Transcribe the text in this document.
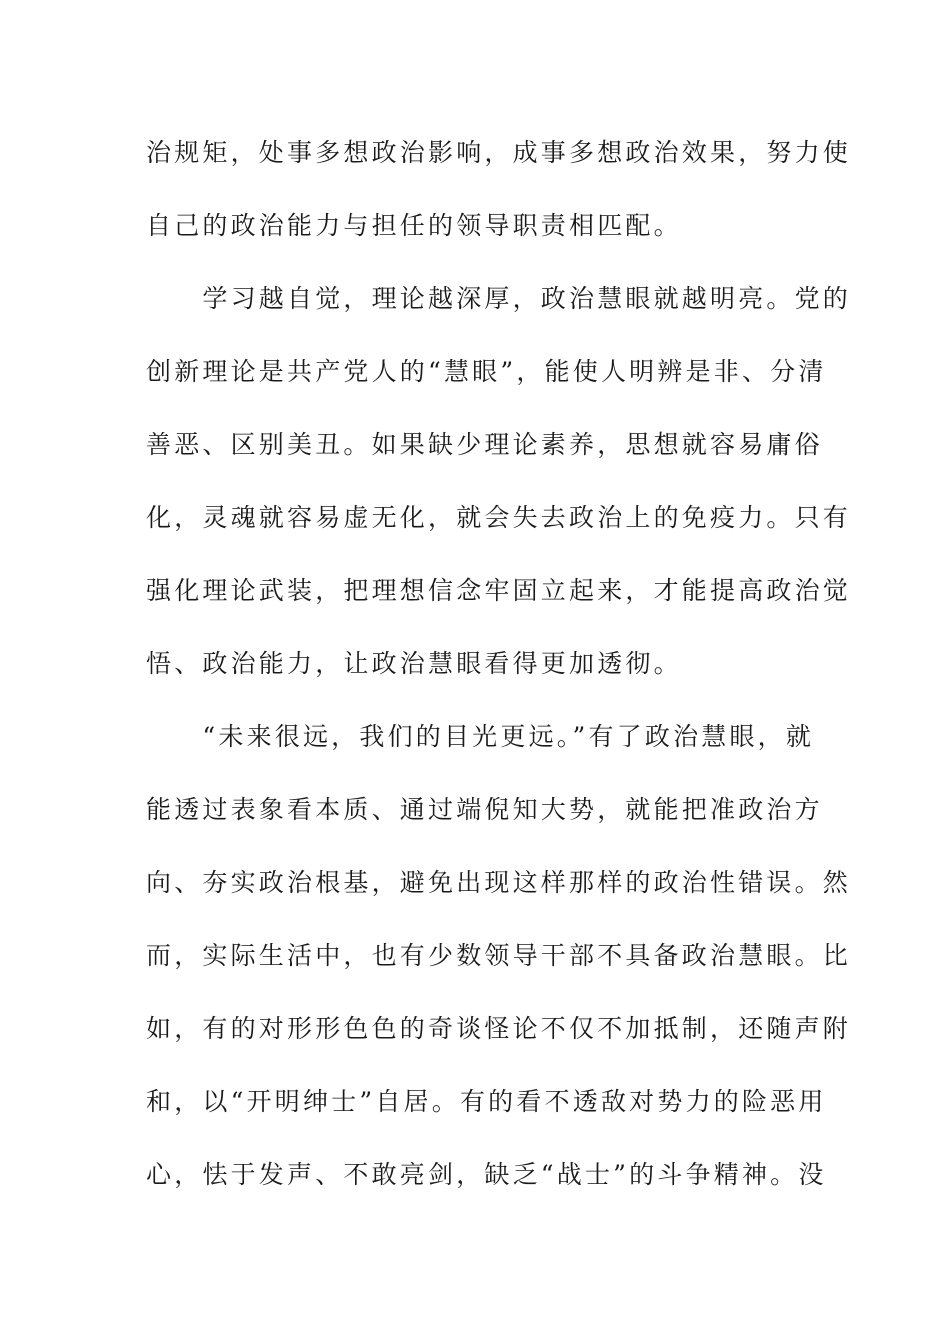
治规矩，处事多想政治影响，成事多想政治效果，努力使
自己的政治能力与担任的领导职责相匹配。
　　学习越自觉，理论越深厚，政治慧眼就越明亮。党的
创新理论是共产党人的“慧眼”，能使人明辨是非、分清
善恶、区别美丑。如果缺少理论素养，思想就容易庸俗
化，灵魂就容易虚无化，就会失去政治上的免疫力。只有
强化理论武装，把理想信念牢固立起来，才能提高政治觉
悟、政治能力，让政治慧眼看得更加透彻。
　　“未来很远，我们的目光更远。”有了政治慧眼，就
能透过表象看本质、通过端倪知大势，就能把准政治方
向、夯实政治根基，避免出现这样那样的政治性错误。然
而，实际生活中，也有少数领导干部不具备政治慧眼。比
如，有的对形形色色的奇谈怪论不仅不加抵制，还随声附
和，以“开明绅士”自居。有的看不透敌对势力的险恶用
心，怯于发声、不敢亮剑，缺乏“战士”的斗争精神。没
